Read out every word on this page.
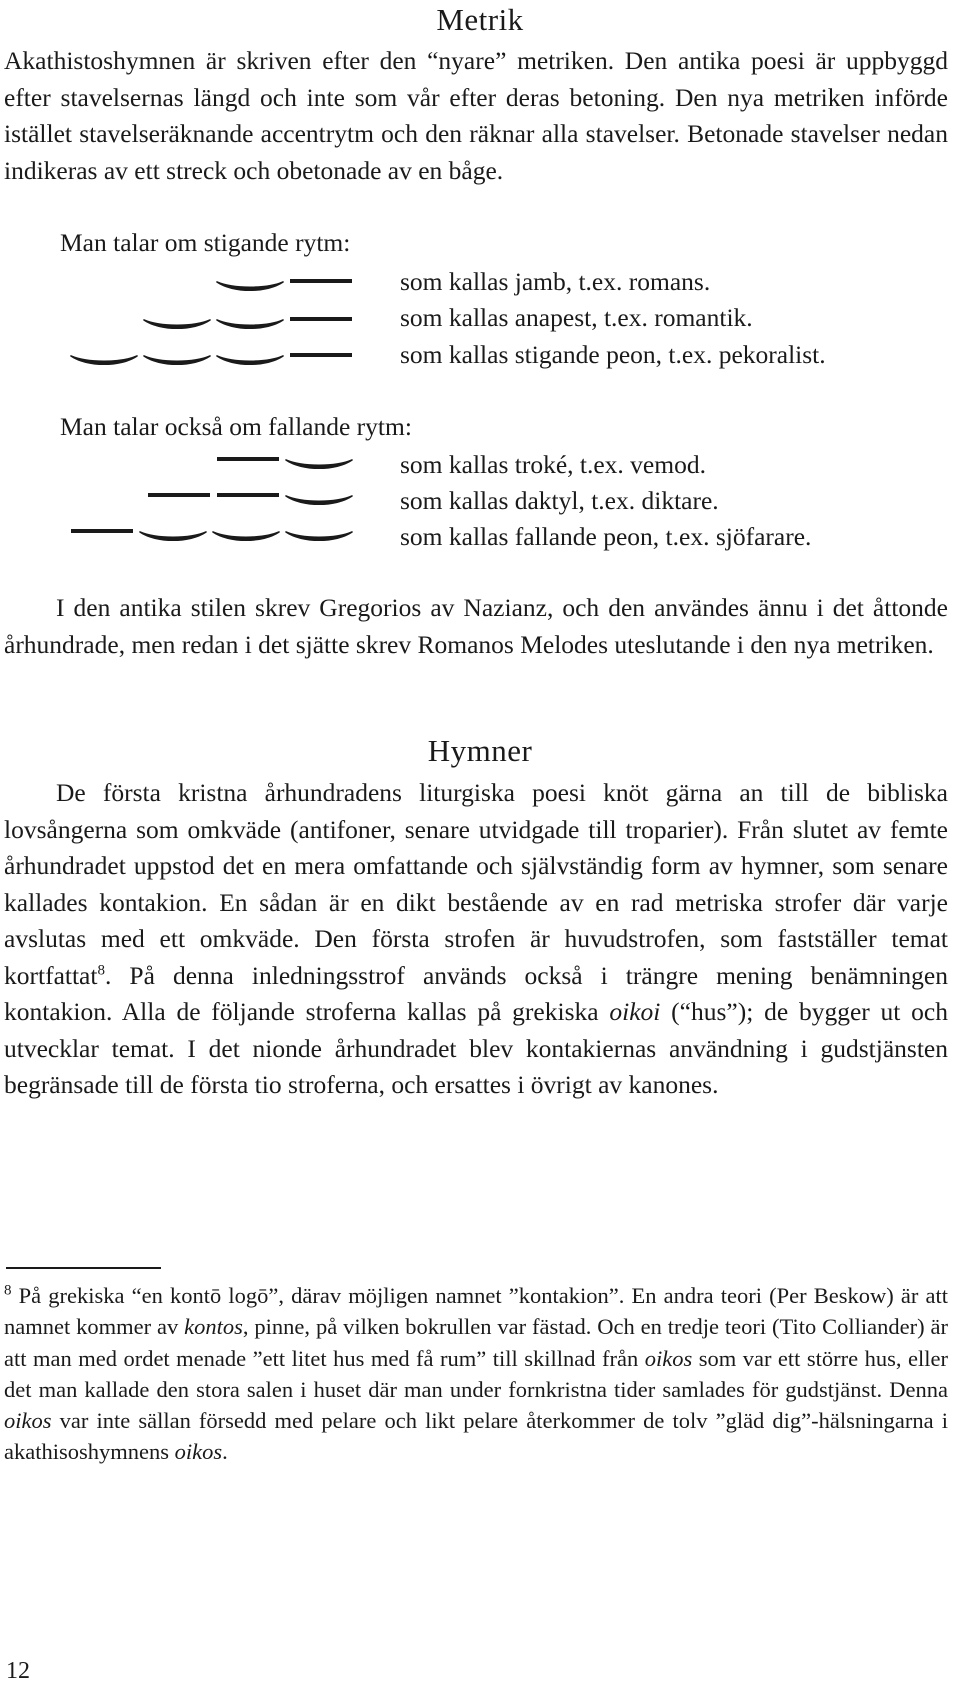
Metrik

Akathistoshymnen är skriven efter den “nyare” metriken. Den antika poesi är uppbyggd efter stavelsernas längd och inte som vår efter deras betoning. Den nya metriken införde istället stavelseräknande accentrytm och den räknar alla stavelser. Betonade stavelser nedan indikeras av ett streck och obetonade av en båge.

Man talar om stigande rytm:
som kallas jamb, t.ex. romans.
som kallas anapest, t.ex. romantik.
som kallas stigande peon, t.ex. pekoralist.
Man talar också om fallande rytm:
som kallas troké, t.ex. vemod.
som kallas daktyl, t.ex. diktare.
som kallas fallande peon, t.ex. sjöfarare.

I den antika stilen skrev Gregorios av Nazianz, och den användes ännu i det åttonde århundrade, men redan i det sjätte skrev Romanos Melodes uteslutande i den nya metriken.

Hymner

De första kristna århundradens liturgiska poesi knöt gärna an till de bibliska lovsångerna som omkväde (antifoner, senare utvidgade till troparier). Från slutet av femte århundradet uppstod det en mera omfattande och självständig form av hymner, som senare kallades kontakion. En sådan är en dikt bestående av en rad metriska strofer där varje avslutas med ett omkväde. Den första strofen är huvudstrofen, som fastställer temat kortfattat$^8$. På denna inledningsstrof används också i trängre mening benämningen kontakion. Alla de följande stroferna kallas på grekiska oikoi (“hus”); de bygger ut och utvecklar temat. I det nionde århundradet blev kontakiernas användning i gudstjänsten begränsade till de första tio stroferna, och ersattes i övrigt av kanones.

$^8$ På grekiska “en kontō logō”, därav möjligen namnet ”kontakion”. En andra teori (Per Beskow) är att namnet kommer av kontos, pinne, på vilken bokrullen var fästad. Och en tredje teori (Tito Colliander) är att man med ordet menade ”ett litet hus med få rum” till skillnad från oikos som var ett större hus, eller det man kallade den stora salen i huset där man under fornkristna tider samlades för gudstjänst. Denna oikos var inte sällan försedd med pelare och likt pelare återkommer de tolv ”gläd dig”-hälsningarna i akathisoshymnens oikos.

12
